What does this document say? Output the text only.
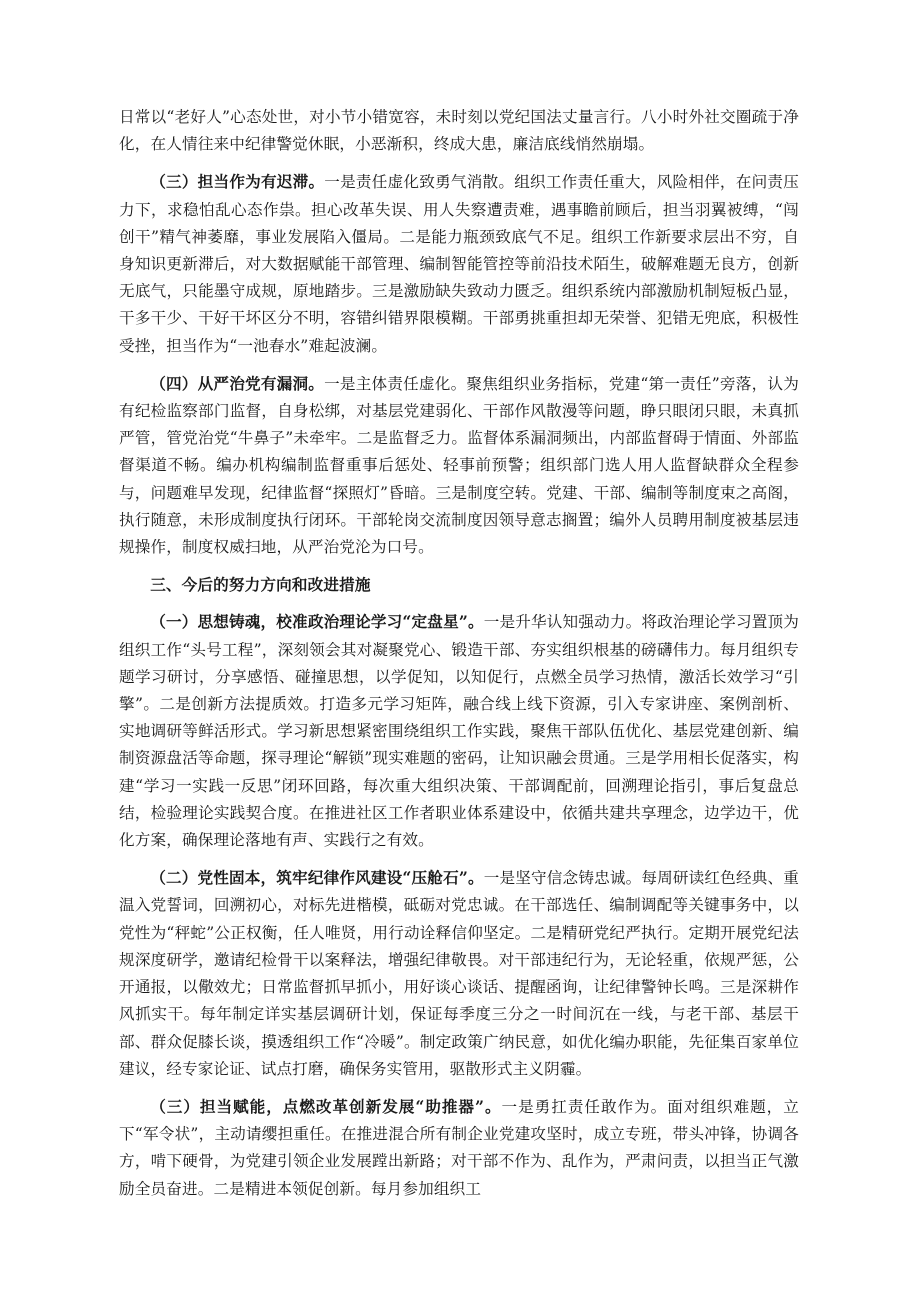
日常以“老好人”心态处世，对小节小错宽容，未时刻以党纪国法丈量言行。八小时外社交圈疏于净化，在人情往来中纪律警觉休眠，小恶渐积，终成大患，廉洁底线悄然崩塌。

（三）担当作为有迟滞。一是责任虚化致勇气消散。组织工作责任重大，风险相伴，在问责压力下，求稳怕乱心态作祟。担心改革失误、用人失察遭责难，遇事瞻前顾后，担当羽翼被缚，“闯创干”精气神萎靡，事业发展陷入僵局。二是能力瓶颈致底气不足。组织工作新要求层出不穷，自身知识更新滞后，对大数据赋能干部管理、编制智能管控等前沿技术陌生，破解难题无良方，创新无底气，只能墨守成规，原地踏步。三是激励缺失致动力匮乏。组织系统内部激励机制短板凸显，干多干少、干好干坏区分不明，容错纠错界限模糊。干部勇挑重担却无荣誉、犯错无兜底，积极性受挫，担当作为“一池春水”难起波澜。

（四）从严治党有漏洞。一是主体责任虚化。聚焦组织业务指标，党建“第一责任”旁落，认为有纪检监察部门监督，自身松绑，对基层党建弱化、干部作风散漫等问题，睁只眼闭只眼，未真抓严管，管党治党“牛鼻子”未牵牢。二是监督乏力。监督体系漏洞频出，内部监督碍于情面、外部监督渠道不畅。编办机构编制监督重事后惩处、轻事前预警；组织部门选人用人监督缺群众全程参与，问题难早发现，纪律监督“探照灯”昏暗。三是制度空转。党建、干部、编制等制度束之高阁，执行随意，未形成制度执行闭环。干部轮岗交流制度因领导意志搁置；编外人员聘用制度被基层违规操作，制度权威扫地，从严治党沦为口号。

三、今后的努力方向和改进措施

（一）思想铸魂，校准政治理论学习“定盘星”。一是升华认知强动力。将政治理论学习置顶为组织工作“头号工程”，深刻领会其对凝聚党心、锻造干部、夯实组织根基的磅礴伟力。每月组织专题学习研讨，分享感悟、碰撞思想，以学促知，以知促行，点燃全员学习热情，激活长效学习“引擎”。二是创新方法提质效。打造多元学习矩阵，融合线上线下资源，引入专家讲座、案例剖析、实地调研等鲜活形式。学习新思想紧密围绕组织工作实践，聚焦干部队伍优化、基层党建创新、编制资源盘活等命题，探寻理论“解锁”现实难题的密码，让知识融会贯通。三是学用相长促落实，构建“学习一实践一反思”闭环回路，每次重大组织决策、干部调配前，回溯理论指引，事后复盘总结，检验理论实践契合度。在推进社区工作者职业体系建设中，依循共建共享理念，边学边干，优化方案，确保理论落地有声、实践行之有效。

（二）党性固本，筑牢纪律作风建设“压舱石”。一是坚守信念铸忠诚。每周研读红色经典、重温入党誓词，回溯初心，对标先进楷模，砥砺对党忠诚。在干部选任、编制调配等关键事务中，以党性为“秤蛇”公正权衡，任人唯贤，用行动诠释信仰坚定。二是精研党纪严执行。定期开展党纪法规深度研学，邀请纪检骨干以案释法，增强纪律敬畏。对干部违纪行为，无论轻重，依规严惩，公开通报，以儆效尤；日常监督抓早抓小，用好谈心谈话、提醒函询，让纪律警钟长鸣。三是深耕作风抓实干。每年制定详实基层调研计划，保证每季度三分之一时间沉在一线，与老干部、基层干部、群众促膝长谈，摸透组织工作“冷暖”。制定政策广纳民意，如优化编办职能，先征集百家单位建议，经专家论证、试点打磨，确保务实管用，驱散形式主义阴霾。

（三）担当赋能，点燃改革创新发展“助推器”。一是勇扛责任敢作为。面对组织难题，立下“军令状”，主动请缨担重任。在推进混合所有制企业党建攻坚时，成立专班，带头冲锋，协调各方，啃下硬骨，为党建引领企业发展蹚出新路；对干部不作为、乱作为，严肃问责，以担当正气激励全员奋进。二是精进本领促创新。每月参加组织工
